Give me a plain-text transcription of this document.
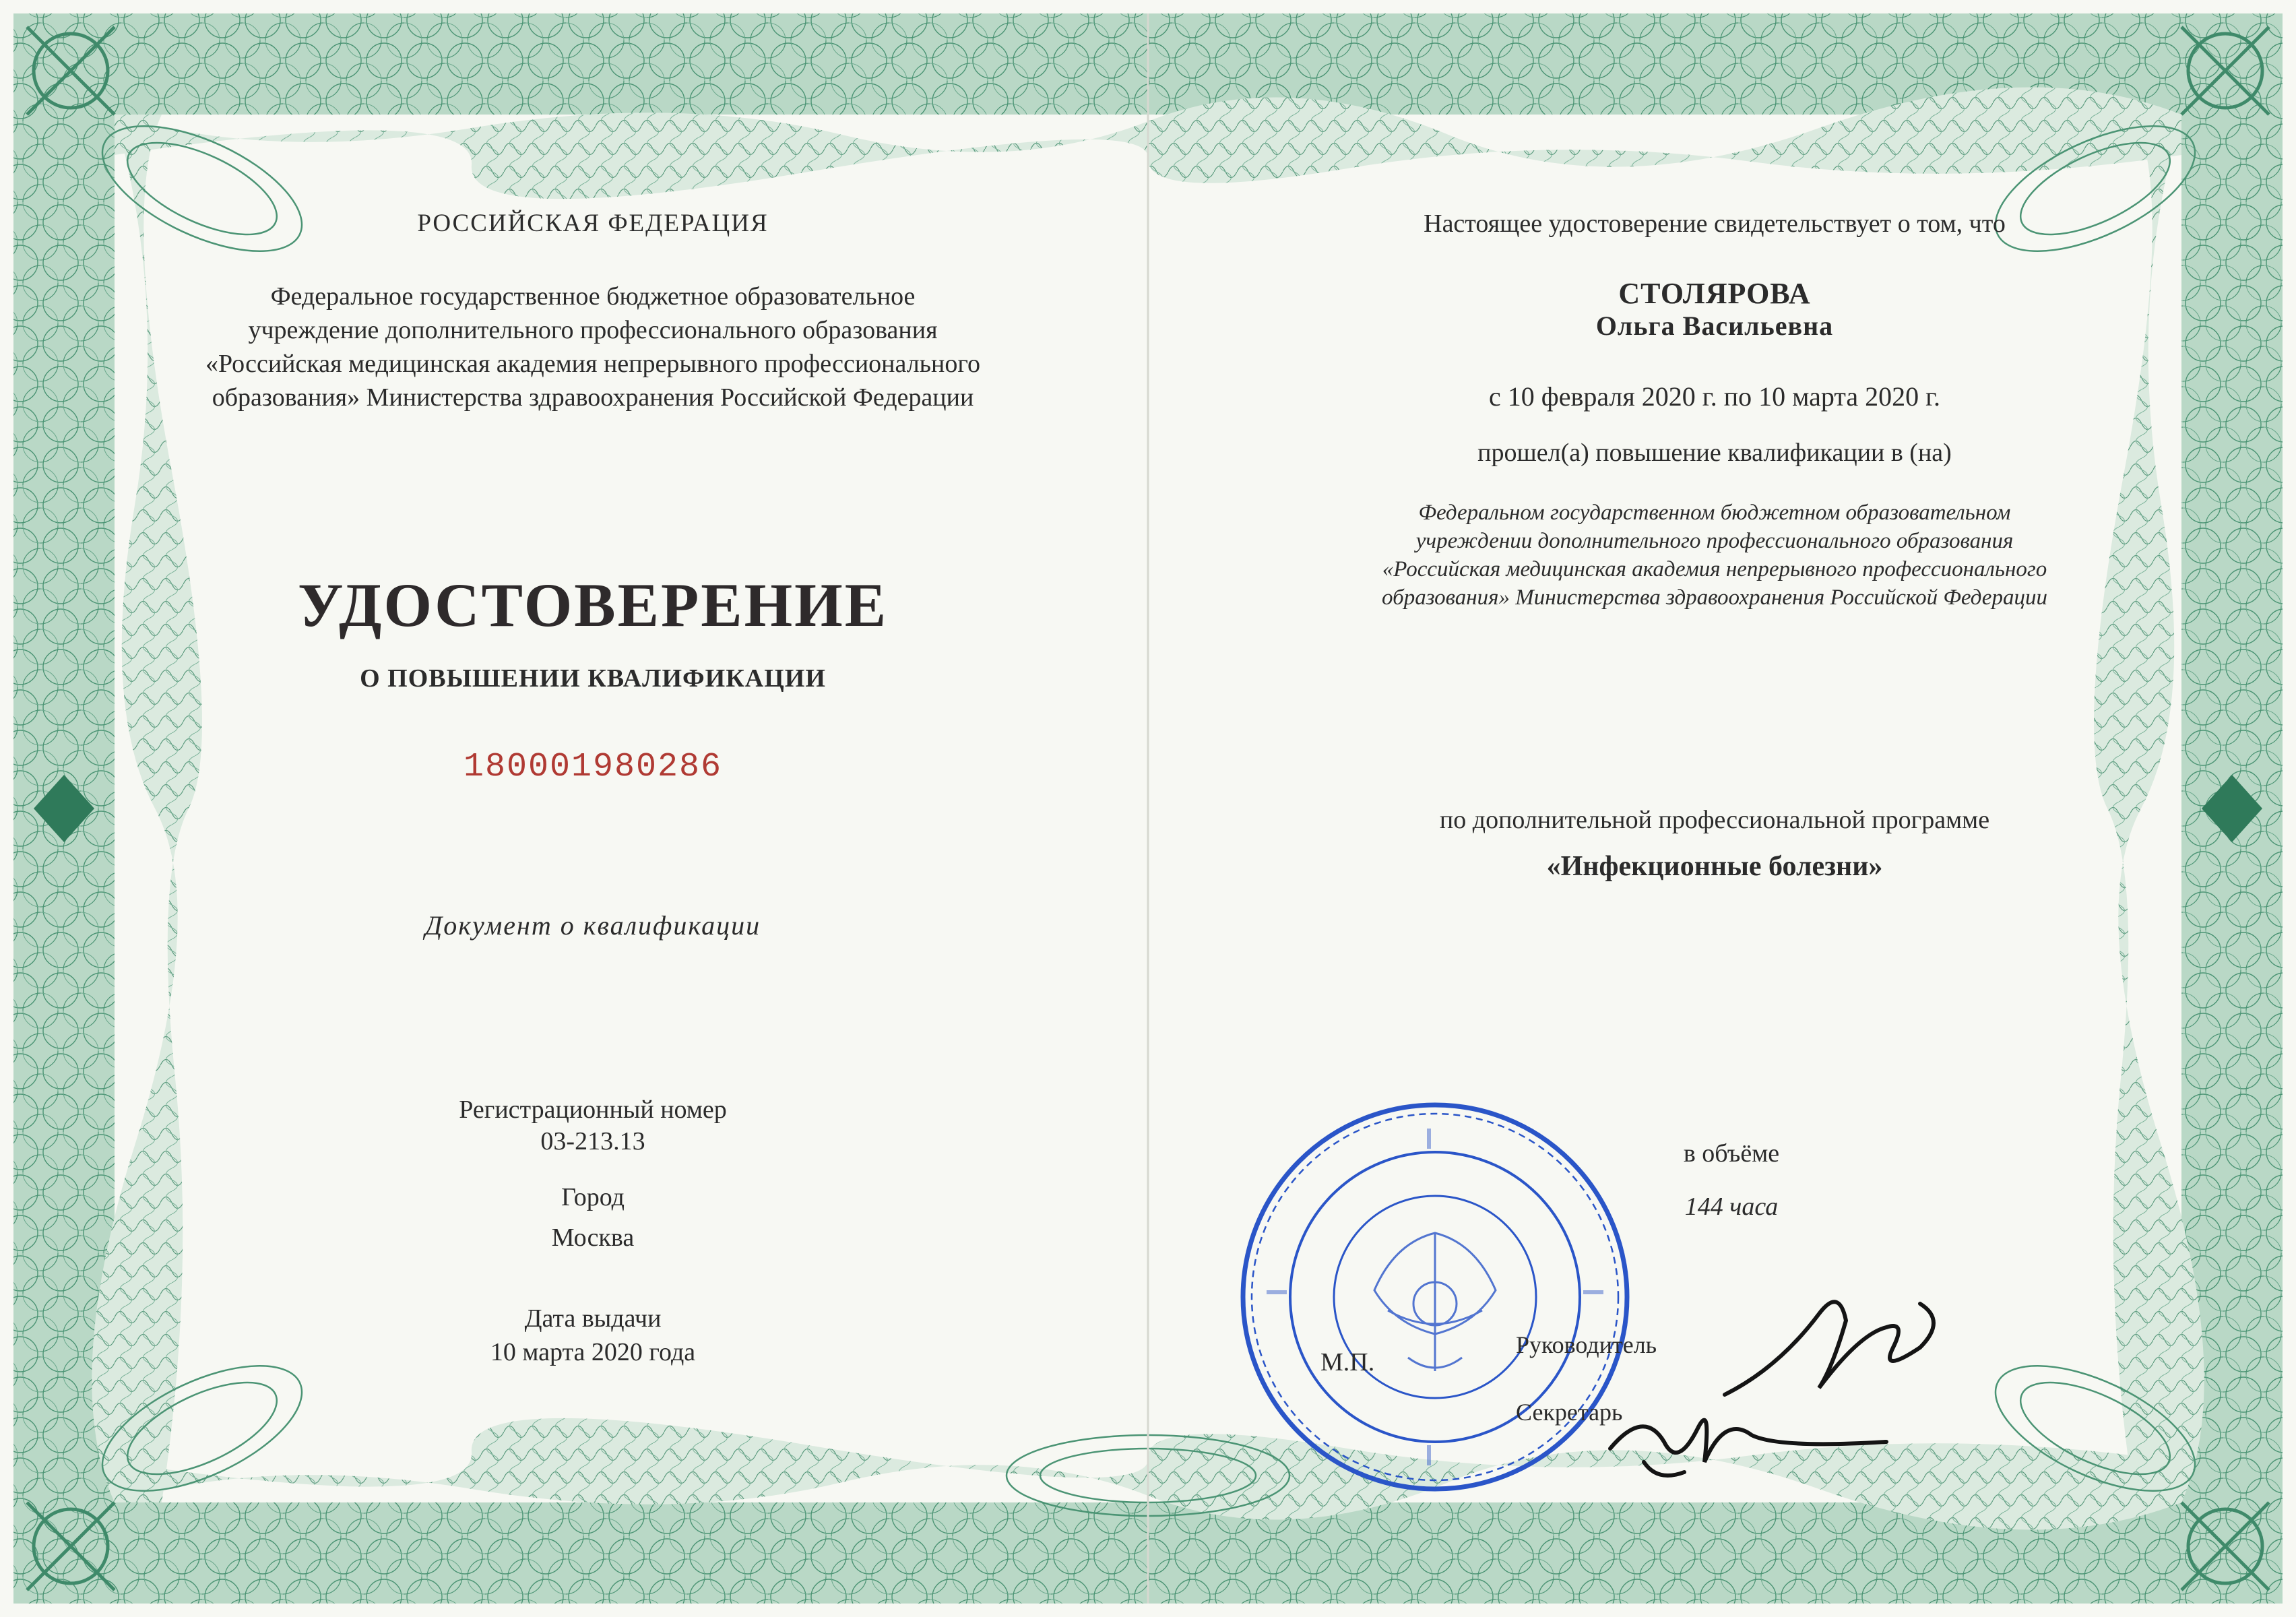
РОССИЙСКАЯ ФЕДЕРАЦИЯ
Федеральное государственное бюджетное образовательное
учреждение дополнительного профессионального образования
«Российская медицинская академия непрерывного профессионального
образования» Министерства здравоохранения Российской Федерации
УДОСТОВЕРЕНИЕ
О ПОВЫШЕНИИ КВАЛИФИКАЦИИ
180001980286
Документ о квалификации
Регистрационный номер
03-213.13
Город
Москва
Дата выдачи
10 марта 2020 года
Настоящее удостоверение свидетельствует о том, что
СТОЛЯРОВА
Ольга Васильевна
с 10 февраля 2020 г. по 10 марта 2020 г.
прошел(а) повышение квалификации в (на)
Федеральном государственном бюджетном образовательном
учреждении дополнительного профессионального образования
«Российская медицинская академия непрерывного профессионального
образования» Министерства здравоохранения Российской Федерации
по дополнительной профессиональной программе
«Инфекционные болезни»
в объёме
144 часа
М.П.
Руководитель
Секретарь
